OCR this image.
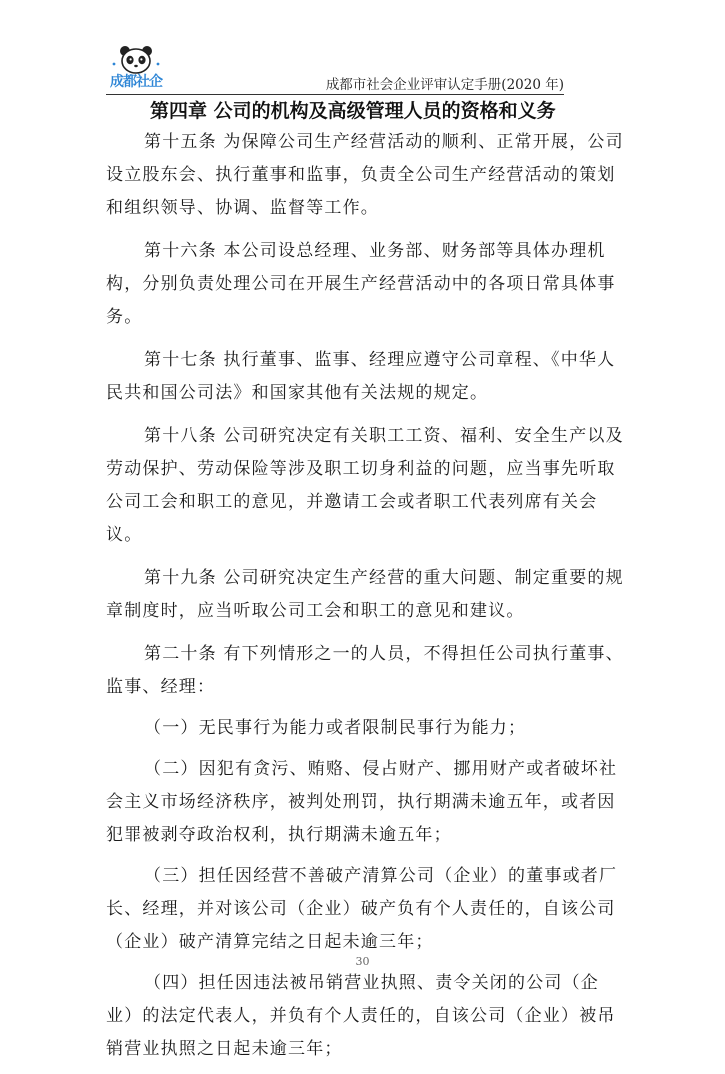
成都社企	成都市社会企业评审认定手册(2020 年)
第四章 公司的机构及高级管理人员的资格和义务

第十五条 为保障公司生产经营活动的顺利、正常开展，公司设立股东会、执行董事和监事，负责全公司生产经营活动的策划和组织领导、协调、监督等工作。

第十六条 本公司设总经理、业务部、财务部等具体办理机构，分别负责处理公司在开展生产经营活动中的各项日常具体事务。

第十七条 执行董事、监事、经理应遵守公司章程、《中华人民共和国公司法》和国家其他有关法规的规定。

第十八条 公司研究决定有关职工工资、福利、安全生产以及劳动保护、劳动保险等涉及职工切身利益的问题，应当事先听取公司工会和职工的意见，并邀请工会或者职工代表列席有关会议。

第十九条 公司研究决定生产经营的重大问题、制定重要的规章制度时，应当听取公司工会和职工的意见和建议。

第二十条 有下列情形之一的人员，不得担任公司执行董事、监事、经理：

（一）无民事行为能力或者限制民事行为能力；

（二）因犯有贪污、贿赂、侵占财产、挪用财产或者破坏社会主义市场经济秩序，被判处刑罚，执行期满未逾五年，或者因犯罪被剥夺政治权利，执行期满未逾五年；

（三）担任因经营不善破产清算公司（企业）的董事或者厂长、经理，并对该公司（企业）破产负有个人责任的，自该公司（企业）破产清算完结之日起未逾三年；

（四）担任因违法被吊销营业执照、责令关闭的公司（企业）的法定代表人，并负有个人责任的，自该公司（企业）被吊销营业执照之日起未逾三年；

30
